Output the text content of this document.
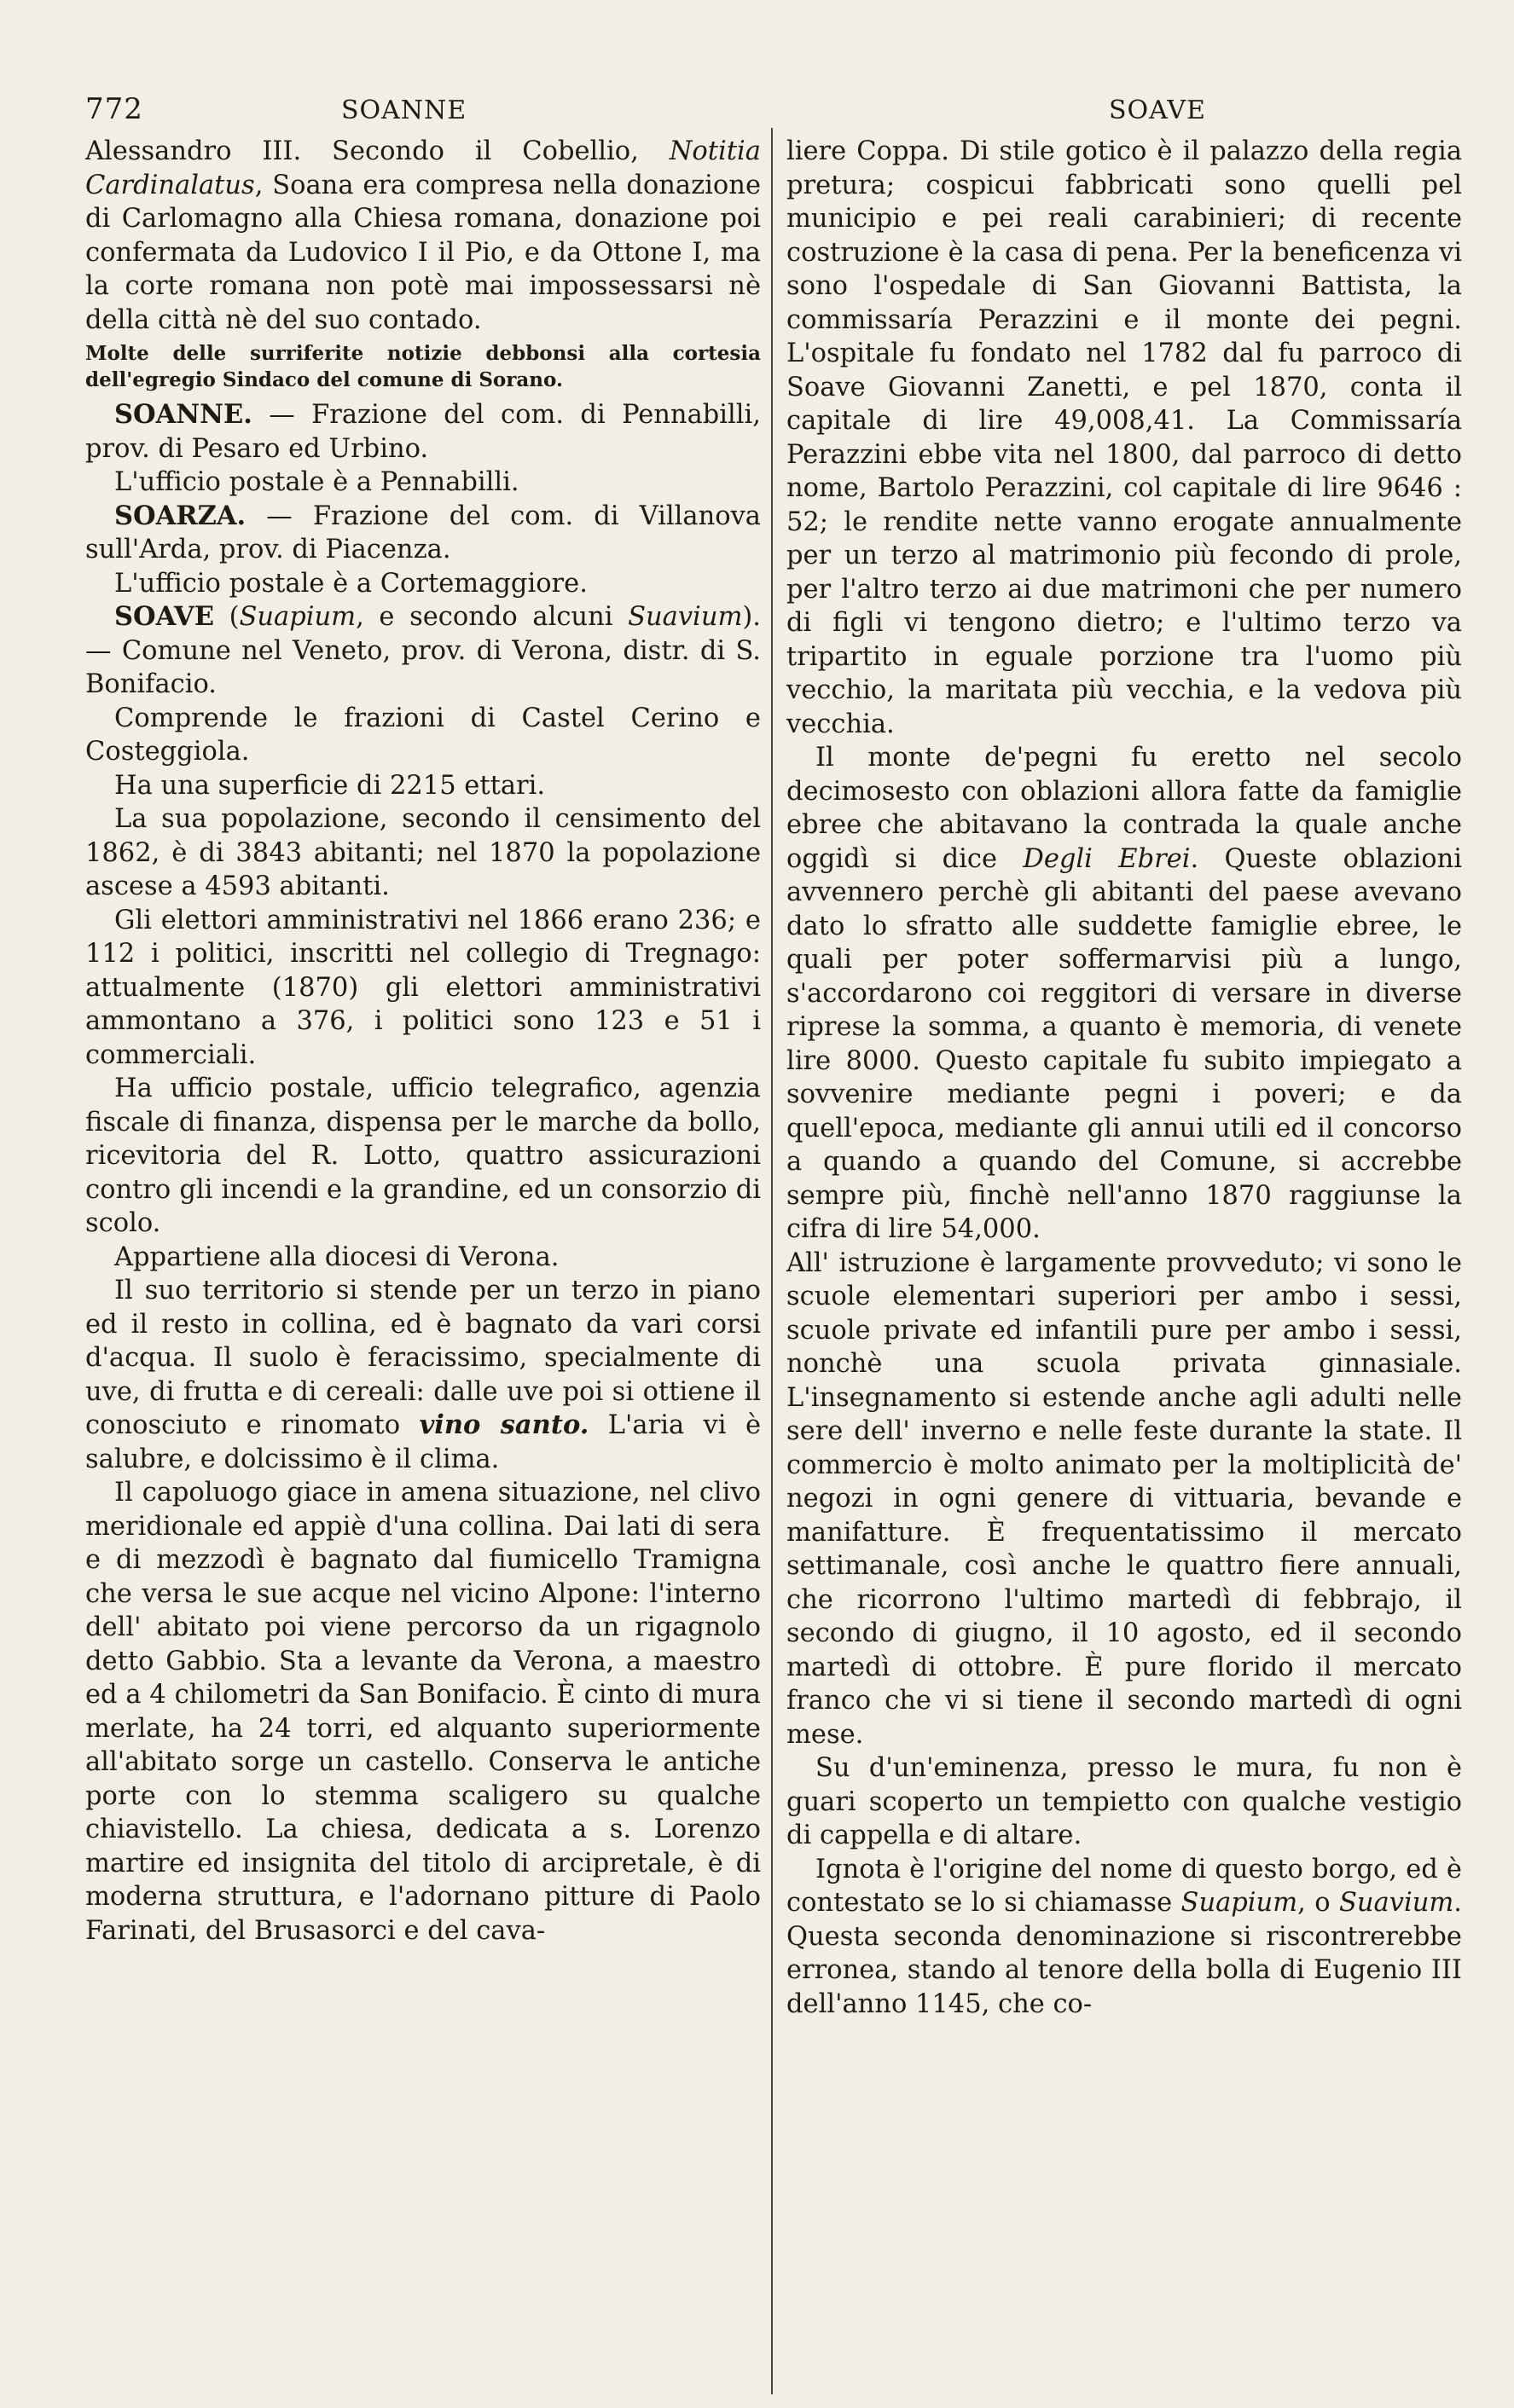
772	SOANNE	SOAVE

Alessandro III. Secondo il Cobellio, Notitia Cardinalatus, Soana era compresa nella donazione di Carlomagno alla Chiesa romana, donazione poi confermata da Ludovico I il Pio, e da Ottone I, ma la corte romana non potè mai impossessarsi nè della città nè del suo contado.

Molte delle surriferite notizie debbonsi alla cortesia dell'egregio Sindaco del comune di Sorano.

SOANNE. — Frazione del com. di Pennabilli, prov. di Pesaro ed Urbino.

L'ufficio postale è a Pennabilli.

SOARZA. — Frazione del com. di Villanova sull'Arda, prov. di Piacenza.

L'ufficio postale è a Cortemaggiore.

SOAVE (Suapium, e secondo alcuni Suavium). — Comune nel Veneto, prov. di Verona, distr. di S. Bonifacio.

Comprende le frazioni di Castel Cerino e Costeggiola.

Ha una superficie di 2215 ettari.

La sua popolazione, secondo il censimento del 1862, è di 3843 abitanti; nel 1870 la popolazione ascese a 4593 abitanti.

Gli elettori amministrativi nel 1866 erano 236; e 112 i politici, inscritti nel collegio di Tregnago: attualmente (1870) gli elettori amministrativi ammontano a 376, i politici sono 123 e 51 i commerciali.

Ha ufficio postale, ufficio telegrafico, agenzia fiscale di finanza, dispensa per le marche da bollo, ricevitoria del R. Lotto, quattro assicurazioni contro gli incendi e la grandine, ed un consorzio di scolo.

Appartiene alla diocesi di Verona.

Il suo territorio si stende per un terzo in piano ed il resto in collina, ed è bagnato da vari corsi d'acqua. Il suolo è feracissimo, specialmente di uve, di frutta e di cereali: dalle uve poi si ottiene il conosciuto e rinomato vino santo. L'aria vi è salubre, e dolcissimo è il clima.

Il capoluogo giace in amena situazione, nel clivo meridionale ed appiè d'una collina. Dai lati di sera e di mezzodì è bagnato dal fiumicello Tramigna che versa le sue acque nel vicino Alpone: l'interno dell' abitato poi viene percorso da un rigagnolo detto Gabbio. Sta a levante da Verona, a maestro ed a 4 chilometri da San Bonifacio. È cinto di mura merlate, ha 24 torri, ed alquanto superiormente all'abitato sorge un castello. Conserva le antiche porte con lo stemma scaligero su qualche chiavistello. La chiesa, dedicata a s. Lorenzo martire ed insignita del titolo di arcipretale, è di moderna struttura, e l'adornano pitture di Paolo Farinati, del Brusasorci e del cava-

liere Coppa. Di stile gotico è il palazzo della regia pretura; cospicui fabbricati sono quelli pel municipio e pei reali carabinieri; di recente costruzione è la casa di pena. Per la beneficenza vi sono l'ospedale di San Giovanni Battista, la commissaría Perazzini e il monte dei pegni. L'ospitale fu fondato nel 1782 dal fu parroco di Soave Giovanni Zanetti, e pel 1870, conta il capitale di lire 49,008,41. La Commissaría Perazzini ebbe vita nel 1800, dal parroco di detto nome, Bartolo Perazzini, col capitale di lire 9646 : 52; le rendite nette vanno erogate annualmente per un terzo al matrimonio più fecondo di prole, per l'altro terzo ai due matrimoni che per numero di figli vi tengono dietro; e l'ultimo terzo va tripartito in eguale porzione tra l'uomo più vecchio, la maritata più vecchia, e la vedova più vecchia.

Il monte de'pegni fu eretto nel secolo decimosesto con oblazioni allora fatte da famiglie ebree che abitavano la contrada la quale anche oggidì si dice Degli Ebrei. Queste oblazioni avvennero perchè gli abitanti del paese avevano dato lo sfratto alle suddette famiglie ebree, le quali per poter soffermarvisi più a lungo, s'accordarono coi reggitori di versare in diverse riprese la somma, a quanto è memoria, di venete lire 8000. Questo capitale fu subito impiegato a sovvenire mediante pegni i poveri; e da quell'epoca, mediante gli annui utili ed il concorso a quando a quando del Comune, si accrebbe sempre più, finchè nell'anno 1870 raggiunse la cifra di lire 54,000.

All' istruzione è largamente provveduto; vi sono le scuole elementari superiori per ambo i sessi, scuole private ed infantili pure per ambo i sessi, nonchè una scuola privata ginnasiale. L'insegnamento si estende anche agli adulti nelle sere dell' inverno e nelle feste durante la state. Il commercio è molto animato per la moltiplicità de' negozi in ogni genere di vittuaria, bevande e manifatture. È frequentatissimo il mercato settimanale, così anche le quattro fiere annuali, che ricorrono l'ultimo martedì di febbrajo, il secondo di giugno, il 10 agosto, ed il secondo martedì di ottobre. È pure florido il mercato franco che vi si tiene il secondo martedì di ogni mese.

Su d'un'eminenza, presso le mura, fu non è guari scoperto un tempietto con qualche vestigio di cappella e di altare.

Ignota è l'origine del nome di questo borgo, ed è contestato se lo si chiamasse Suapium, o Suavium. Questa seconda denominazione si riscontrerebbe erronea, stando al tenore della bolla di Eugenio III dell'anno 1145, che co-
